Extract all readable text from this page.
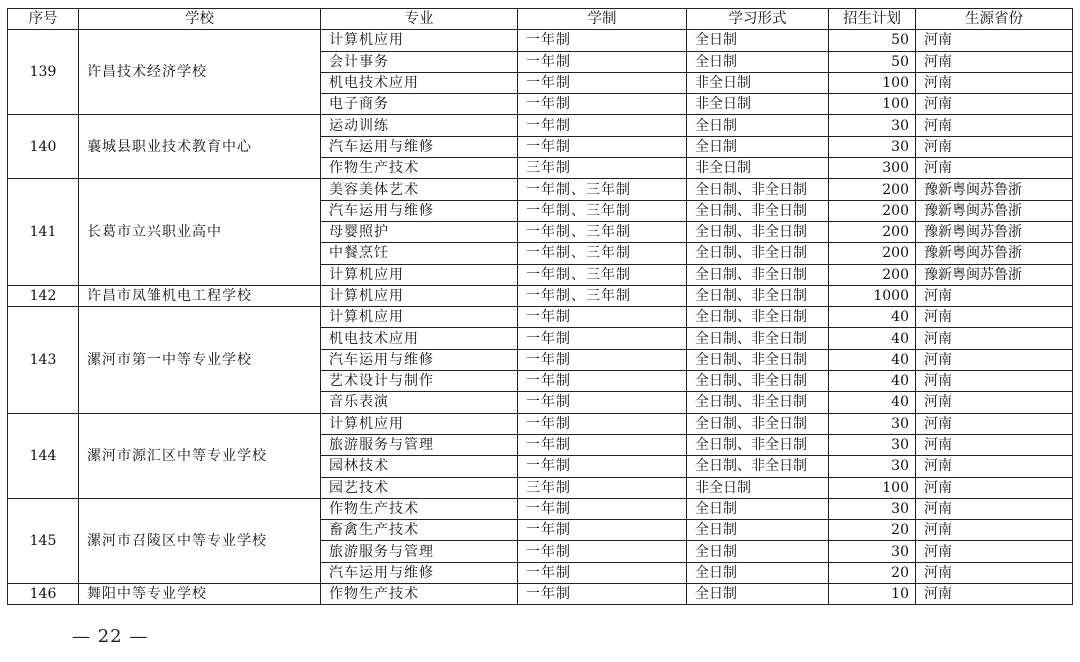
序号	学校	专业	学制	学习形式	招生计划	生源省份
139	许昌技术经济学校	计算机应用	一年制	全日制	50	河南
		会计事务	一年制	全日制	50	河南
		机电技术应用	一年制	非全日制	100	河南
		电子商务	一年制	非全日制	100	河南
140	襄城县职业技术教育中心	运动训练	一年制	全日制	30	河南
		汽车运用与维修	一年制	全日制	30	河南
		作物生产技术	三年制	非全日制	300	河南
141	长葛市立兴职业高中	美容美体艺术	一年制、三年制	全日制、非全日制	200	豫新粤闽苏鲁浙
		汽车运用与维修	一年制、三年制	全日制、非全日制	200	豫新粤闽苏鲁浙
		母婴照护	一年制、三年制	全日制、非全日制	200	豫新粤闽苏鲁浙
		中餐烹饪	一年制、三年制	全日制、非全日制	200	豫新粤闽苏鲁浙
		计算机应用	一年制、三年制	全日制、非全日制	200	豫新粤闽苏鲁浙
142	许昌市凤雏机电工程学校	计算机应用	一年制、三年制	全日制、非全日制	1000	河南
143	漯河市第一中等专业学校	计算机应用	一年制	全日制、非全日制	40	河南
		机电技术应用	一年制	全日制、非全日制	40	河南
		汽车运用与维修	一年制	全日制、非全日制	40	河南
		艺术设计与制作	一年制	全日制、非全日制	40	河南
		音乐表演	一年制	全日制、非全日制	40	河南
144	漯河市源汇区中等专业学校	计算机应用	一年制	全日制、非全日制	30	河南
		旅游服务与管理	一年制	全日制、非全日制	30	河南
		园林技术	一年制	全日制、非全日制	30	河南
		园艺技术	三年制	非全日制	100	河南
145	漯河市召陵区中等专业学校	作物生产技术	一年制	全日制	30	河南
		畜禽生产技术	一年制	全日制	20	河南
		旅游服务与管理	一年制	全日制	30	河南
		汽车运用与维修	一年制	全日制	20	河南
146	舞阳中等专业学校	作物生产技术	一年制	全日制	10	河南
— 22 —
